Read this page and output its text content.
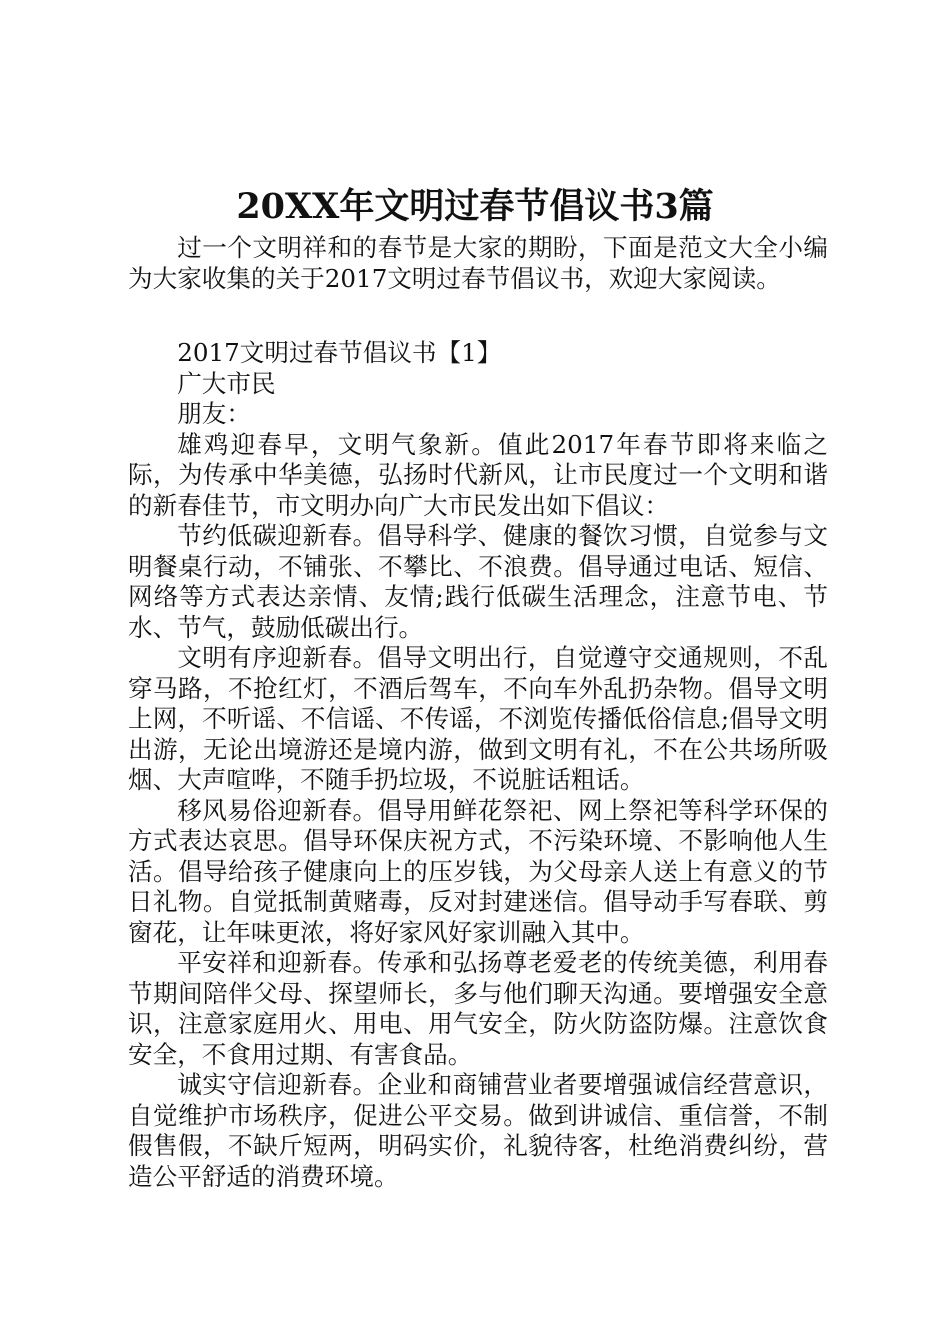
20XX年文明过春节倡议书3篇

过一个文明祥和的春节是大家的期盼，下面是范文大全小编为大家收集的关于2017文明过春节倡议书，欢迎大家阅读。

2017文明过春节倡议书【1】

广大市民

朋友：

雄鸡迎春早，文明气象新。值此2017年春节即将来临之际，为传承中华美德，弘扬时代新风，让市民度过一个文明和谐的新春佳节，市文明办向广大市民发出如下倡议：

节约低碳迎新春。倡导科学、健康的餐饮习惯，自觉参与文明餐桌行动，不铺张、不攀比、不浪费。倡导通过电话、短信、网络等方式表达亲情、友情;践行低碳生活理念，注意节电、节水、节气，鼓励低碳出行。

文明有序迎新春。倡导文明出行，自觉遵守交通规则，不乱穿马路，不抢红灯，不酒后驾车，不向车外乱扔杂物。倡导文明上网，不听谣、不信谣、不传谣，不浏览传播低俗信息;倡导文明出游，无论出境游还是境内游，做到文明有礼，不在公共场所吸烟、大声喧哗，不随手扔垃圾，不说脏话粗话。

移风易俗迎新春。倡导用鲜花祭祀、网上祭祀等科学环保的方式表达哀思。倡导环保庆祝方式，不污染环境、不影响他人生活。倡导给孩子健康向上的压岁钱，为父母亲人送上有意义的节日礼物。自觉抵制黄赌毒，反对封建迷信。倡导动手写春联、剪窗花，让年味更浓，将好家风好家训融入其中。

平安祥和迎新春。传承和弘扬尊老爱老的传统美德，利用春节期间陪伴父母、探望师长，多与他们聊天沟通。要增强安全意识，注意家庭用火、用电、用气安全，防火防盗防爆。注意饮食安全，不食用过期、有害食品。

诚实守信迎新春。企业和商铺营业者要增强诚信经营意识，自觉维护市场秩序，促进公平交易。做到讲诚信、重信誉，不制假售假，不缺斤短两，明码实价，礼貌待客，杜绝消费纠纷，营造公平舒适的消费环境。
